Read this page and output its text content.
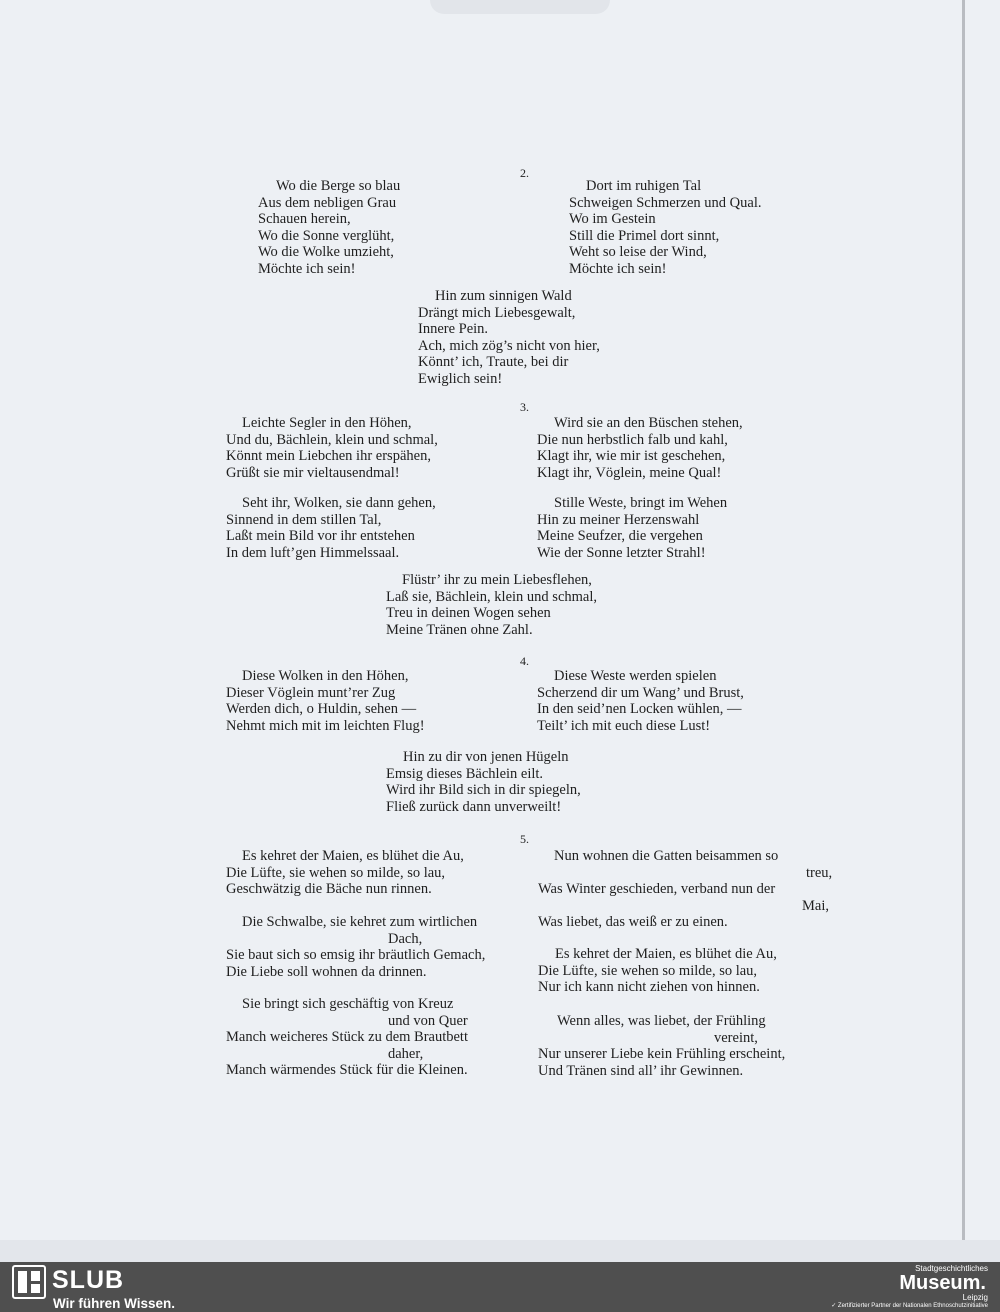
2.
Wo die Berge so blau
Aus dem nebligen Grau
Schauen herein,
Wo die Sonne verglüht,
Wo die Wolke umzieht,
Möchte ich sein!
Dort im ruhigen Tal
Schweigen Schmerzen und Qual.
Wo im Gestein
Still die Primel dort sinnt,
Weht so leise der Wind,
Möchte ich sein!
Hin zum sinnigen Wald
Drängt mich Liebesgewalt,
Innere Pein.
Ach, mich zög’s nicht von hier,
Könnt’ ich, Traute, bei dir
Ewiglich sein!
3.
Leichte Segler in den Höhen,
Und du, Bächlein, klein und schmal,
Könnt mein Liebchen ihr erspähen,
Grüßt sie mir vieltausendmal!
Seht ihr, Wolken, sie dann gehen,
Sinnend in dem stillen Tal,
Laßt mein Bild vor ihr entstehen
In dem luft’gen Himmelssaal.
Wird sie an den Büschen stehen,
Die nun herbstlich falb und kahl,
Klagt ihr, wie mir ist geschehen,
Klagt ihr, Vöglein, meine Qual!
Stille Weste, bringt im Wehen
Hin zu meiner Herzenswahl
Meine Seufzer, die vergehen
Wie der Sonne letzter Strahl!
Flüstr’ ihr zu mein Liebesflehen,
Laß sie, Bächlein, klein und schmal,
Treu in deinen Wogen sehen
Meine Tränen ohne Zahl.
4.
Diese Wolken in den Höhen,
Dieser Vöglein munt’rer Zug
Werden dich, o Huldin, sehen —
Nehmt mich mit im leichten Flug!
Diese Weste werden spielen
Scherzend dir um Wang’ und Brust,
In den seid’nen Locken wühlen, —
Teilt’ ich mit euch diese Lust!
Hin zu dir von jenen Hügeln
Emsig dieses Bächlein eilt.
Wird ihr Bild sich in dir spiegeln,
Fließ zurück dann unverweilt!
5.
Es kehret der Maien, es blühet die Au,
Die Lüfte, sie wehen so milde, so lau,
Geschwätzig die Bäche nun rinnen.
Die Schwalbe, sie kehret zum wirtlichen
Dach,
Sie baut sich so emsig ihr bräutlich Gemach,
Die Liebe soll wohnen da drinnen.
Sie bringt sich geschäftig von Kreuz
und von Quer
Manch weicheres Stück zu dem Brautbett
daher,
Manch wärmendes Stück für die Kleinen.
Nun wohnen die Gatten beisammen so
treu,
Was Winter geschieden, verband nun der
Mai,
Was liebet, das weiß er zu einen.
Es kehret der Maien, es blühet die Au,
Die Lüfte, sie wehen so milde, so lau,
Nur ich kann nicht ziehen von hinnen.
Wenn alles, was liebet, der Frühling
vereint,
Nur unserer Liebe kein Frühling erscheint,
Und Tränen sind all’ ihr Gewinnen.
SLUB
Wir führen Wissen.
Stadtgeschichtliches
Museum.
Leipzig
✓ Zertifizierter Partner der Nationalen Ethnoschutzinitiative
